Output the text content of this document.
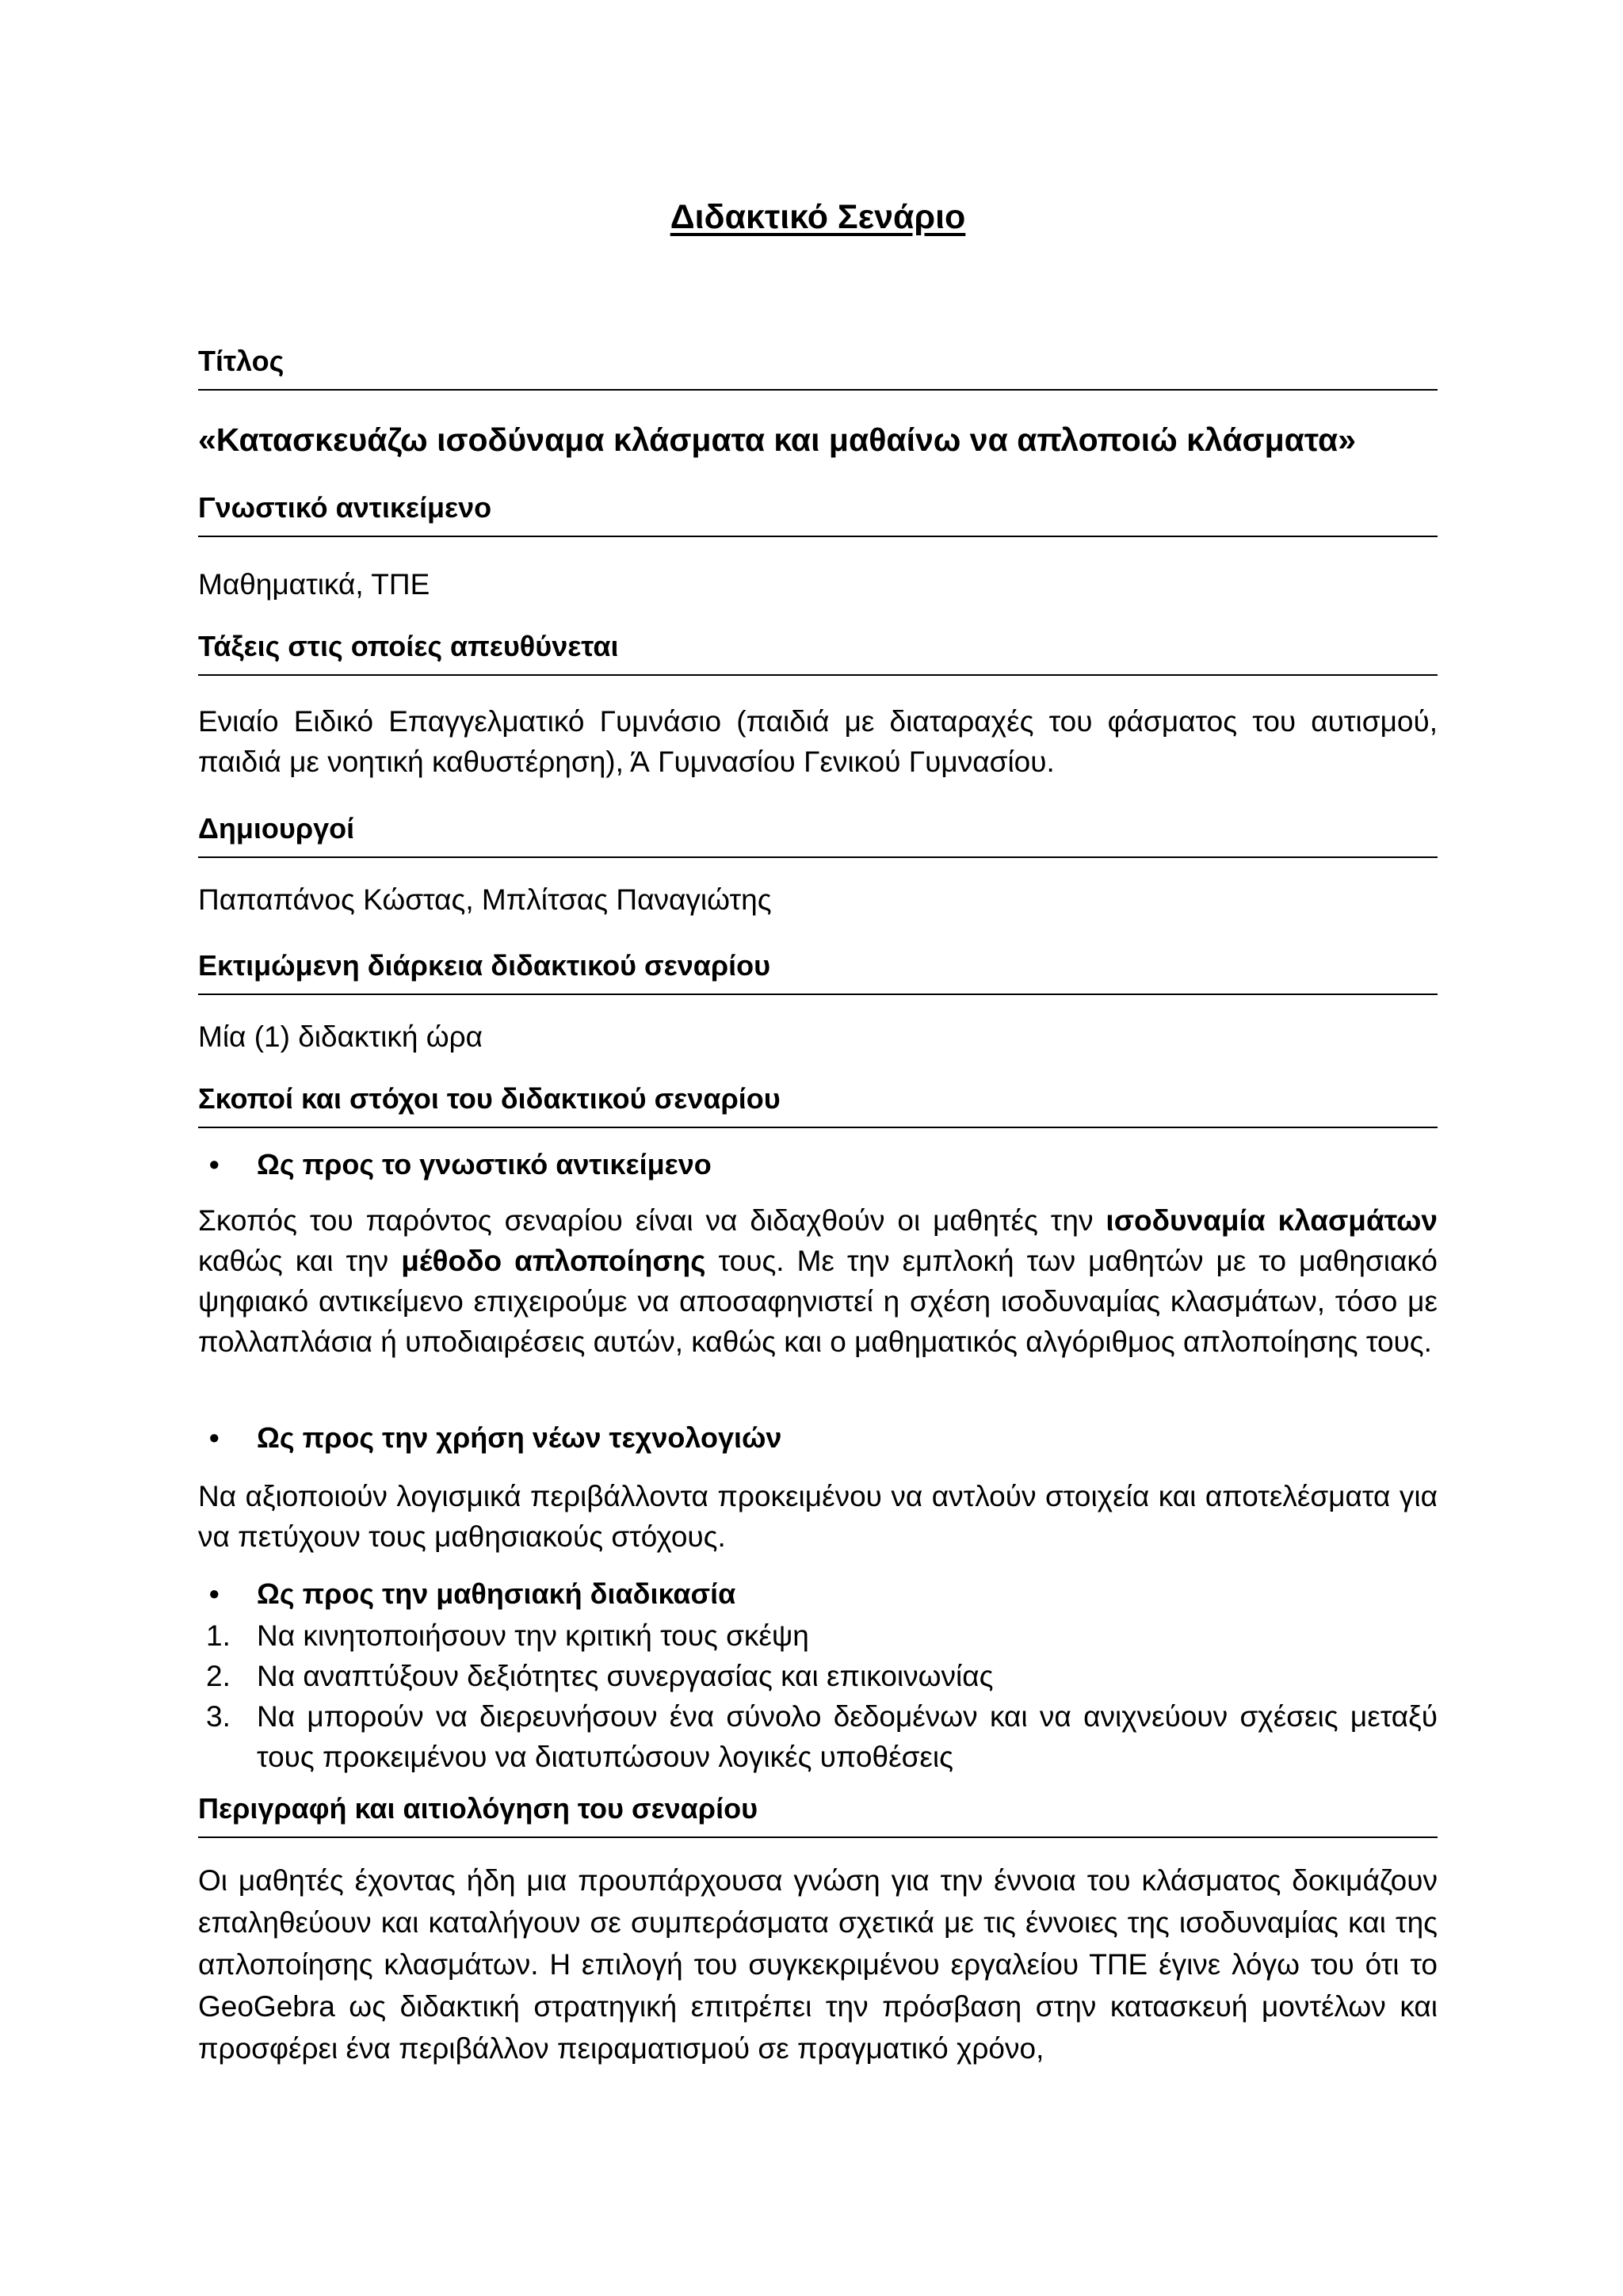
Διδακτικό Σενάριο
Τίτλος
«Κατασκευάζω ισοδύναμα κλάσματα και μαθαίνω να απλοποιώ κλάσματα»
Γνωστικό αντικείμενο
Μαθηματικά, ΤΠΕ
Τάξεις στις οποίες απευθύνεται
Ενιαίο Ειδικό Επαγγελματικό Γυμνάσιο (παιδιά με διαταραχές του φάσματος του αυτισμού, παιδιά με νοητική καθυστέρηση), Ά Γυμνασίου Γενικού Γυμνασίου.
Δημιουργοί
Παπαπάνος Κώστας, Μπλίτσας Παναγιώτης
Εκτιμώμενη διάρκεια διδακτικού σεναρίου
Μία (1) διδακτική ώρα
Σκοποί και στόχοι του διδακτικού σεναρίου
• Ως προς το γνωστικό αντικείμενο
Σκοπός του παρόντος σεναρίου είναι να διδαχθούν οι μαθητές την ισοδυναμία κλασμάτων καθώς και την μέθοδο απλοποίησης τους. Με την εμπλοκή των μαθητών με το μαθησιακό ψηφιακό αντικείμενο επιχειρούμε να αποσαφηνιστεί η σχέση ισοδυναμίας κλασμάτων, τόσο με πολλαπλάσια ή υποδιαιρέσεις αυτών, καθώς και ο μαθηματικός αλγόριθμος απλοποίησης τους.
• Ως προς την χρήση νέων τεχνολογιών
Να αξιοποιούν λογισμικά περιβάλλοντα προκειμένου να αντλούν στοιχεία και αποτελέσματα για να πετύχουν τους μαθησιακούς στόχους.
• Ως προς την μαθησιακή διαδικασία
1. Να κινητοποιήσουν την κριτική τους σκέψη
2. Να αναπτύξουν δεξιότητες συνεργασίας και επικοινωνίας
3. Να μπορούν να διερευνήσουν ένα σύνολο δεδομένων και να ανιχνεύουν σχέσεις μεταξύ τους προκειμένου να διατυπώσουν λογικές υποθέσεις
Περιγραφή και αιτιολόγηση του σεναρίου
Οι μαθητές έχοντας ήδη μια προυπάρχουσα γνώση για την έννοια του κλάσματος δοκιμάζουν επαληθεύουν και καταλήγουν σε συμπεράσματα σχετικά με τις έννοιες της ισοδυναμίας και της απλοποίησης κλασμάτων. Η επιλογή του συγκεκριμένου εργαλείου ΤΠΕ έγινε λόγω του ότι το GeoGebra ως διδακτική στρατηγική επιτρέπει την πρόσβαση στην κατασκευή μοντέλων και προσφέρει ένα περιβάλλον πειραματισμού σε πραγματικό χρόνο,
